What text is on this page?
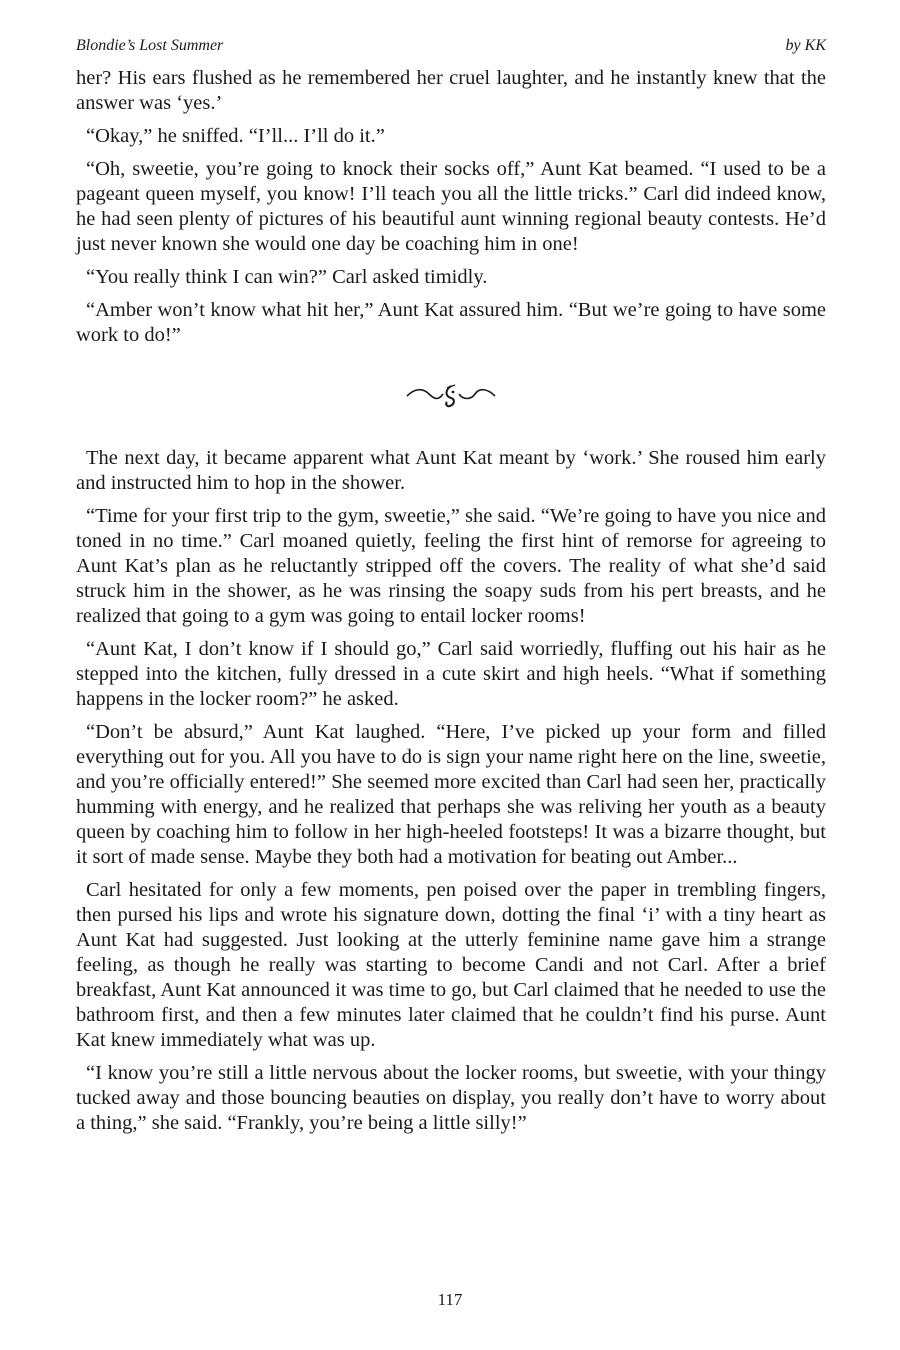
Blondie’s Lost Summer	by KK

her? His ears flushed as he remembered her cruel laughter, and he instantly knew that the answer was ‘yes.’

“Okay,” he sniffed. “I’ll... I’ll do it.”

“Oh, sweetie, you’re going to knock their socks off,” Aunt Kat beamed. “I used to be a pageant queen myself, you know! I’ll teach you all the little tricks.” Carl did indeed know, he had seen plenty of pictures of his beautiful aunt winning regional beauty contests. He’d just never known she would one day be coaching him in one!

“You really think I can win?” Carl asked timidly.

“Amber won’t know what hit her,” Aunt Kat assured him. “But we’re going to have some work to do!”

The next day, it became apparent what Aunt Kat meant by ‘work.’ She roused him early and instructed him to hop in the shower.

“Time for your first trip to the gym, sweetie,” she said. “We’re going to have you nice and toned in no time.” Carl moaned quietly, feeling the first hint of remorse for agreeing to Aunt Kat’s plan as he reluctantly stripped off the covers. The reality of what she’d said struck him in the shower, as he was rinsing the soapy suds from his pert breasts, and he realized that going to a gym was going to entail locker rooms!

“Aunt Kat, I don’t know if I should go,” Carl said worriedly, fluffing out his hair as he stepped into the kitchen, fully dressed in a cute skirt and high heels. “What if something happens in the locker room?” he asked.

“Don’t be absurd,” Aunt Kat laughed. “Here, I’ve picked up your form and filled everything out for you. All you have to do is sign your name right here on the line, sweetie, and you’re officially entered!” She seemed more excited than Carl had seen her, practically humming with energy, and he realized that perhaps she was reliving her youth as a beauty queen by coaching him to follow in her high-heeled footsteps! It was a bizarre thought, but it sort of made sense. Maybe they both had a motivation for beating out Amber...

Carl hesitated for only a few moments, pen poised over the paper in trembling fingers, then pursed his lips and wrote his signature down, dotting the final ‘i’ with a tiny heart as Aunt Kat had suggested. Just looking at the utterly feminine name gave him a strange feeling, as though he really was starting to become Candi and not Carl. After a brief breakfast, Aunt Kat announced it was time to go, but Carl claimed that he needed to use the bathroom first, and then a few minutes later claimed that he couldn’t find his purse. Aunt Kat knew immediately what was up.

“I know you’re still a little nervous about the locker rooms, but sweetie, with your thingy tucked away and those bouncing beauties on display, you really don’t have to worry about a thing,” she said. “Frankly, you’re being a little silly!”

117
